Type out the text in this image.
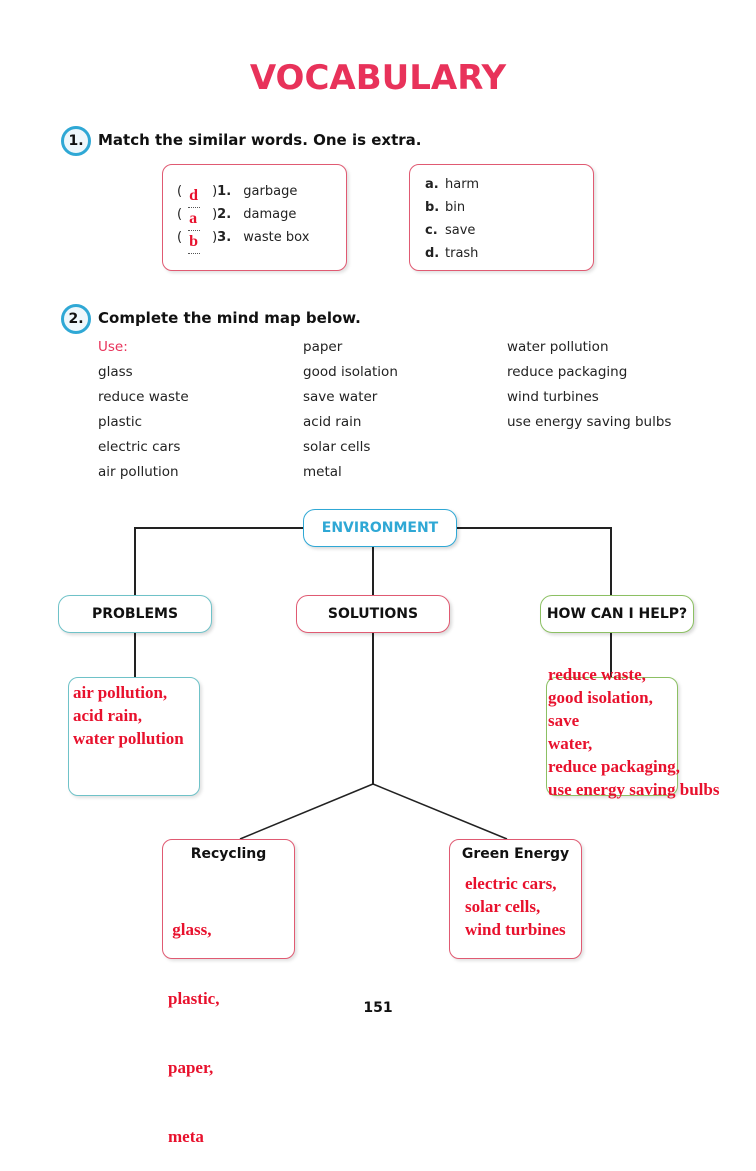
VOCABULARY
1. Match the similar words. One is extra.
( d )1. garbage
( a )2. damage
( b )3. waste box
a. harm
b. bin
c. save
d. trash
2. Complete the mind map below.
Use:
glass
reduce waste
plastic
electric cars
air pollution
paper
good isolation
save water
acid rain
solar cells
metal
water pollution
reduce packaging
wind turbines
use energy saving bulbs
ENVIRONMENT
PROBLEMS	SOLUTIONS	HOW CAN I HELP?
air pollution,
acid rain,
water pollution
reduce waste,
good isolation,
save
water,
reduce packaging,
use energy saving bulbs
Recycling

glass,

plastic,

paper,

meta

Green Energy
electric cars,
solar cells,
wind turbines
151
